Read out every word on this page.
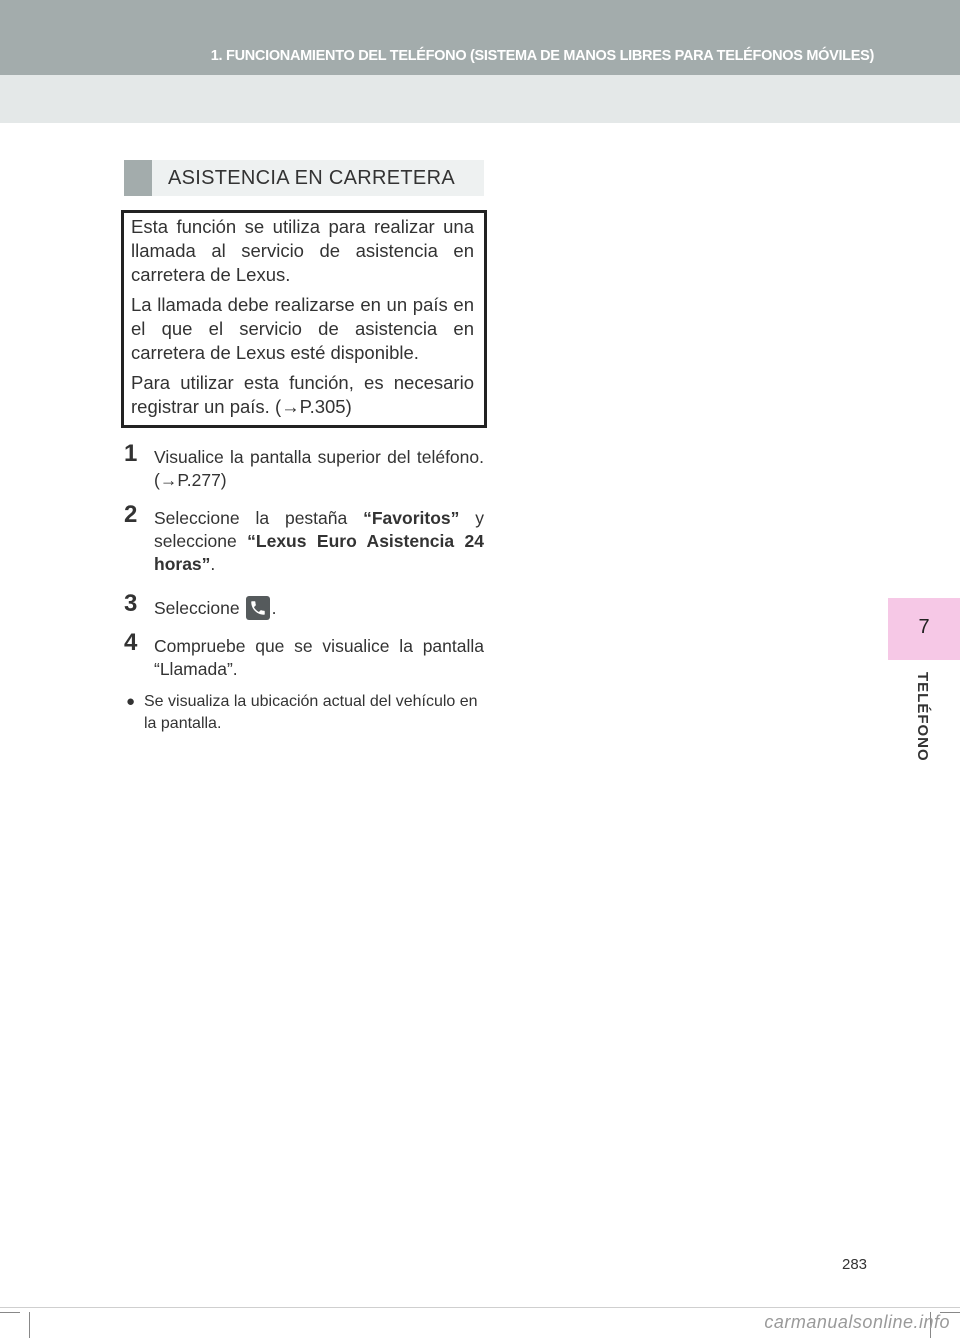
1. FUNCIONAMIENTO DEL TELÉFONO (SISTEMA DE MANOS LIBRES PARA TELÉFONOS MÓVILES)
7
TELÉFONO
ASISTENCIA EN CARRETERA

Esta función se utiliza para realizar una llamada al servicio de asistencia en carretera de Lexus.

La llamada debe realizarse en un país en el que el servicio de asistencia en carretera de Lexus esté disponible.

Para utilizar esta función, es necesario registrar un país. (→P.305)

1 Visualice la pantalla superior del teléfono. (→P.277)
2 Seleccione la pestaña “Favoritos” y seleccione “Lexus Euro Asistencia 24 horas”.
3 Seleccione .
4 Compruebe que se visualice la pantalla “Llamada”.
● Se visualiza la ubicación actual del vehículo en la pantalla.
283
carmanualsonline.info
